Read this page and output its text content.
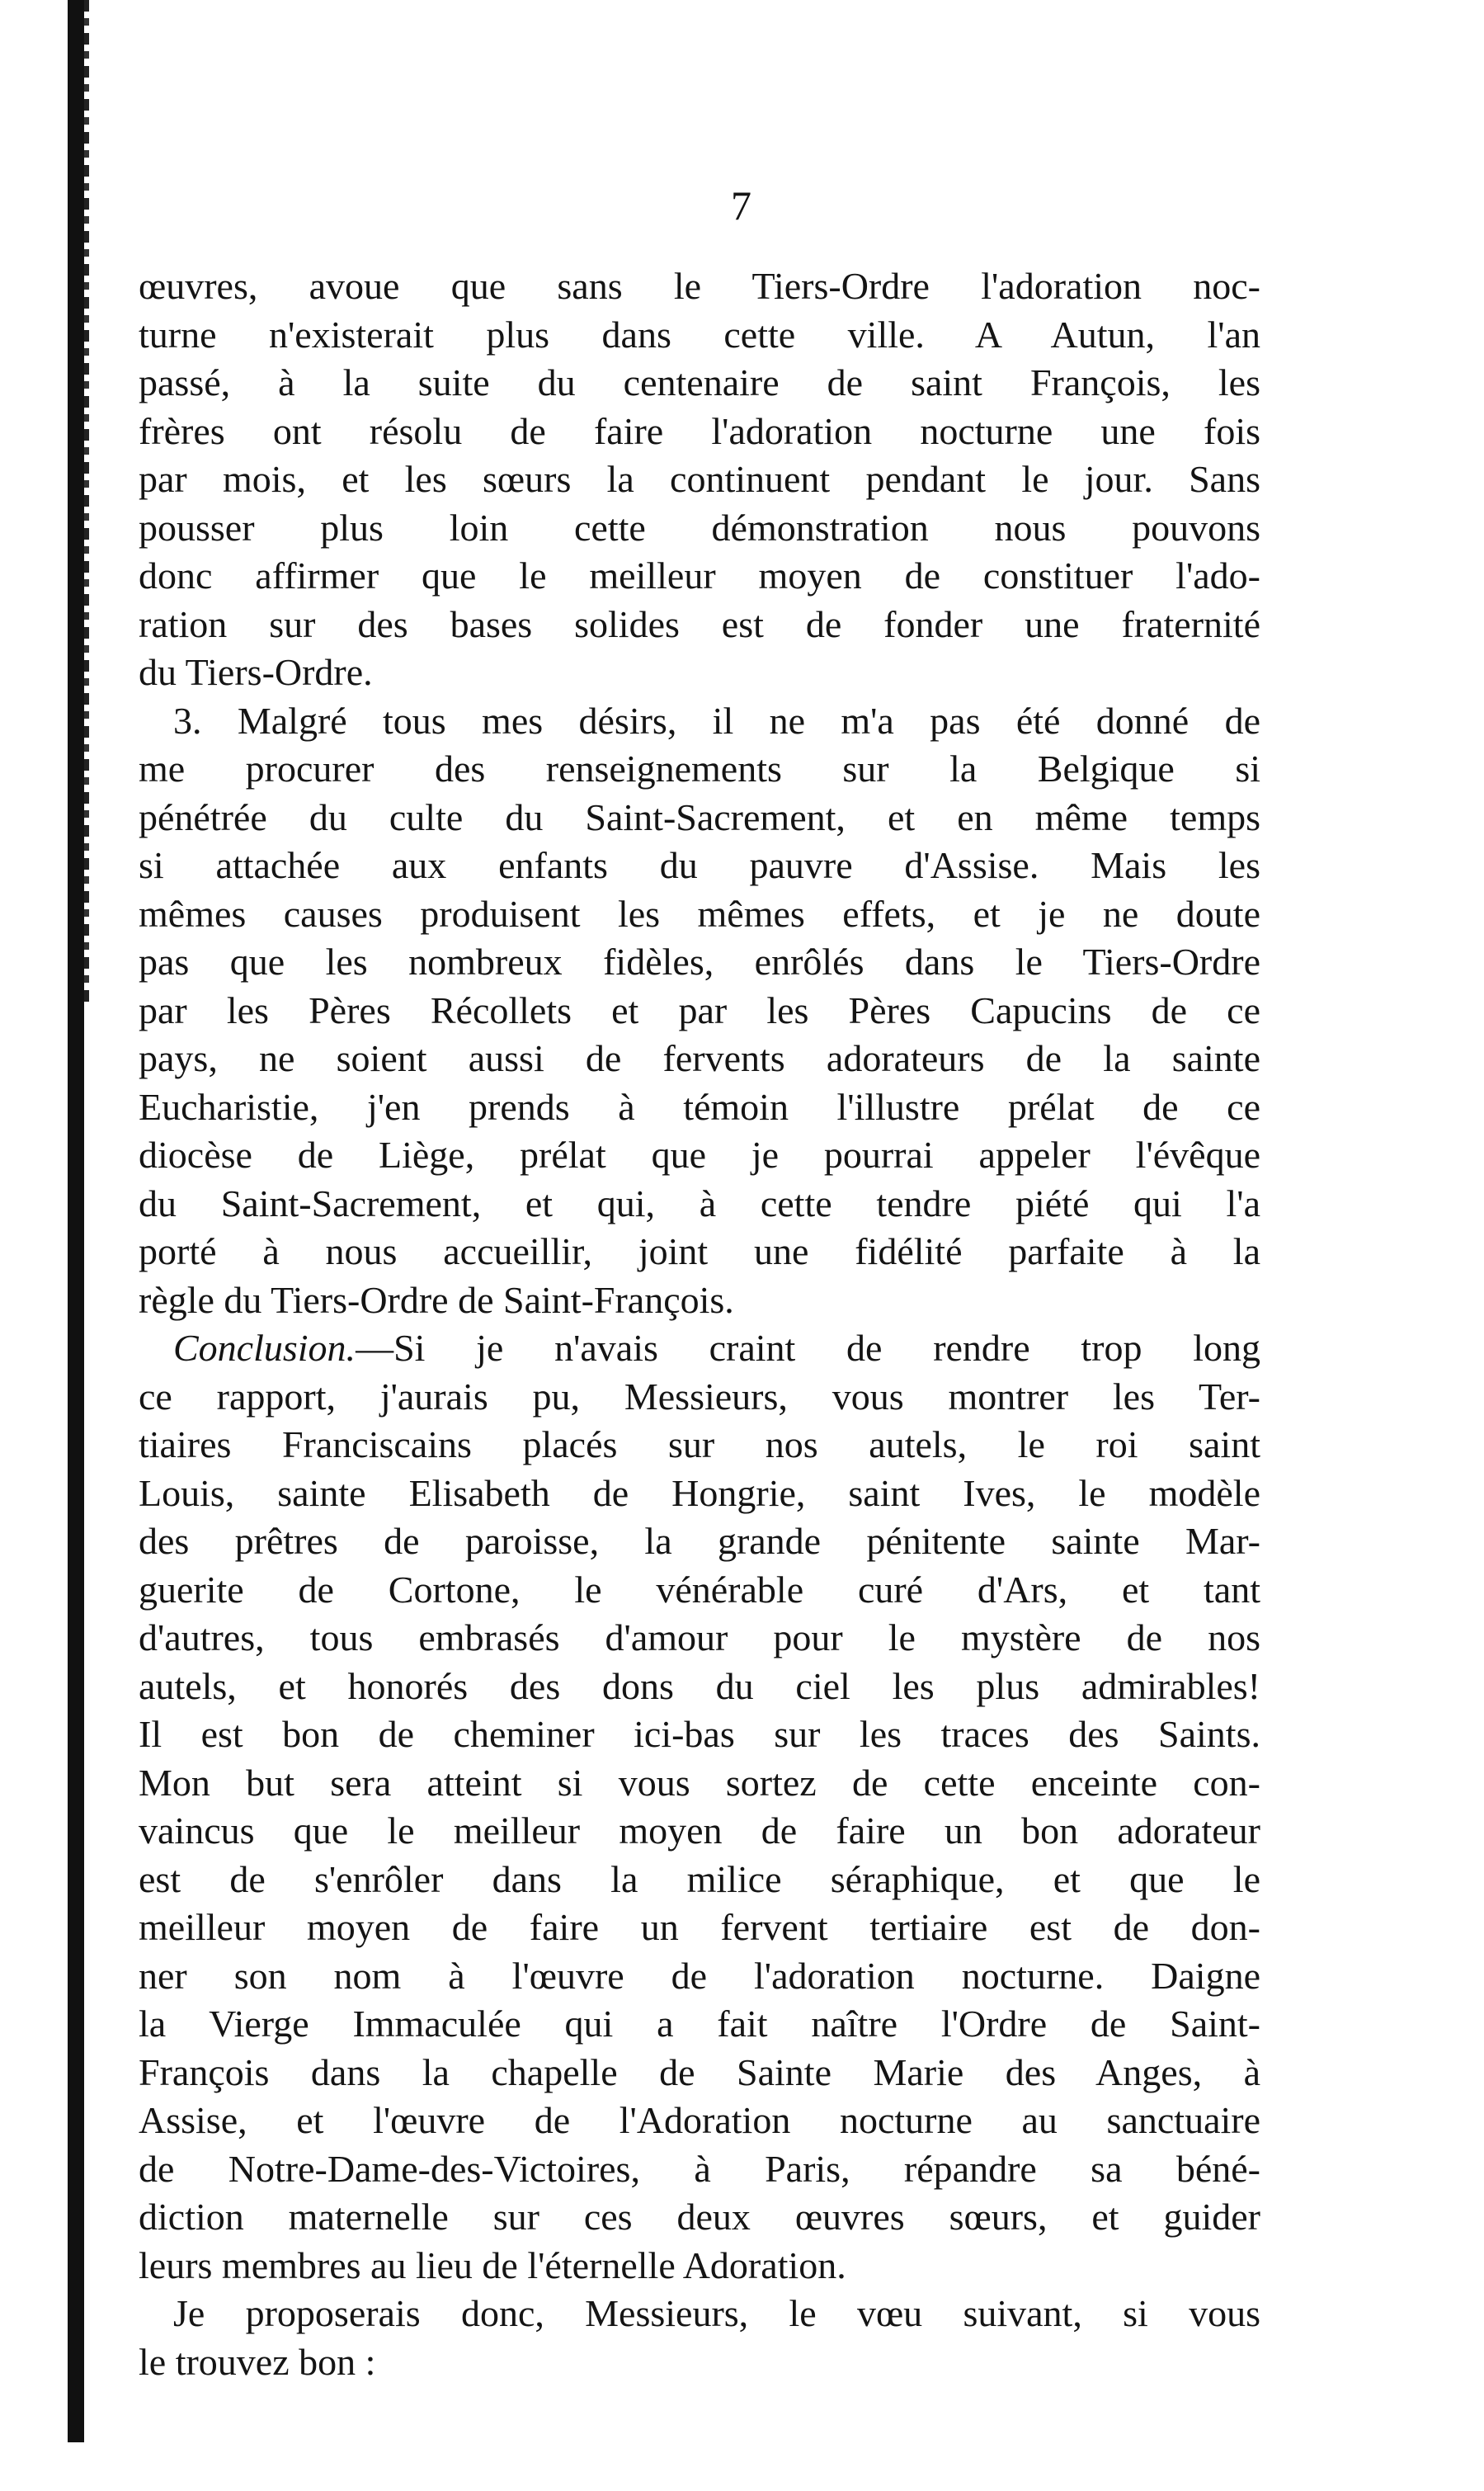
7
œuvres, avoue que sans le Tiers-Ordre l'adoration noc-
turne n'existerait plus dans cette ville. A Autun, l'an
passé, à la suite du centenaire de saint François, les
frères ont résolu de faire l'adoration nocturne une fois
par mois, et les sœurs la continuent pendant le jour. Sans
pousser plus loin cette démonstration nous pouvons
donc affirmer que le meilleur moyen de constituer l'ado-
ration sur des bases solides est de fonder une fraternité
du Tiers-Ordre.
3. Malgré tous mes désirs, il ne m'a pas été donné de
me procurer des renseignements sur la Belgique si
pénétrée du culte du Saint-Sacrement, et en même temps
si attachée aux enfants du pauvre d'Assise. Mais les
mêmes causes produisent les mêmes effets, et je ne doute
pas que les nombreux fidèles, enrôlés dans le Tiers-Ordre
par les Pères Récollets et par les Pères Capucins de ce
pays, ne soient aussi de fervents adorateurs de la sainte
Eucharistie, j'en prends à témoin l'illustre prélat de ce
diocèse de Liège, prélat que je pourrai appeler l'évêque
du Saint-Sacrement, et qui, à cette tendre piété qui l'a
porté à nous accueillir, joint une fidélité parfaite à la
règle du Tiers-Ordre de Saint-François.
Conclusion.—Si je n'avais craint de rendre trop long
ce rapport, j'aurais pu, Messieurs, vous montrer les Ter-
tiaires Franciscains placés sur nos autels, le roi saint
Louis, sainte Elisabeth de Hongrie, saint Ives, le modèle
des prêtres de paroisse, la grande pénitente sainte Mar-
guerite de Cortone, le vénérable curé d'Ars, et tant
d'autres, tous embrasés d'amour pour le mystère de nos
autels, et honorés des dons du ciel les plus admirables!
Il est bon de cheminer ici-bas sur les traces des Saints.
Mon but sera atteint si vous sortez de cette enceinte con-
vaincus que le meilleur moyen de faire un bon adorateur
est de s'enrôler dans la milice séraphique, et que le
meilleur moyen de faire un fervent tertiaire est de don-
ner son nom à l'œuvre de l'adoration nocturne. Daigne
la Vierge Immaculée qui a fait naître l'Ordre de Saint-
François dans la chapelle de Sainte Marie des Anges, à
Assise, et l'œuvre de l'Adoration nocturne au sanctuaire
de Notre-Dame-des-Victoires, à Paris, répandre sa béné-
diction maternelle sur ces deux œuvres sœurs, et guider
leurs membres au lieu de l'éternelle Adoration.
Je proposerais donc, Messieurs, le vœu suivant, si vous
le trouvez bon :
